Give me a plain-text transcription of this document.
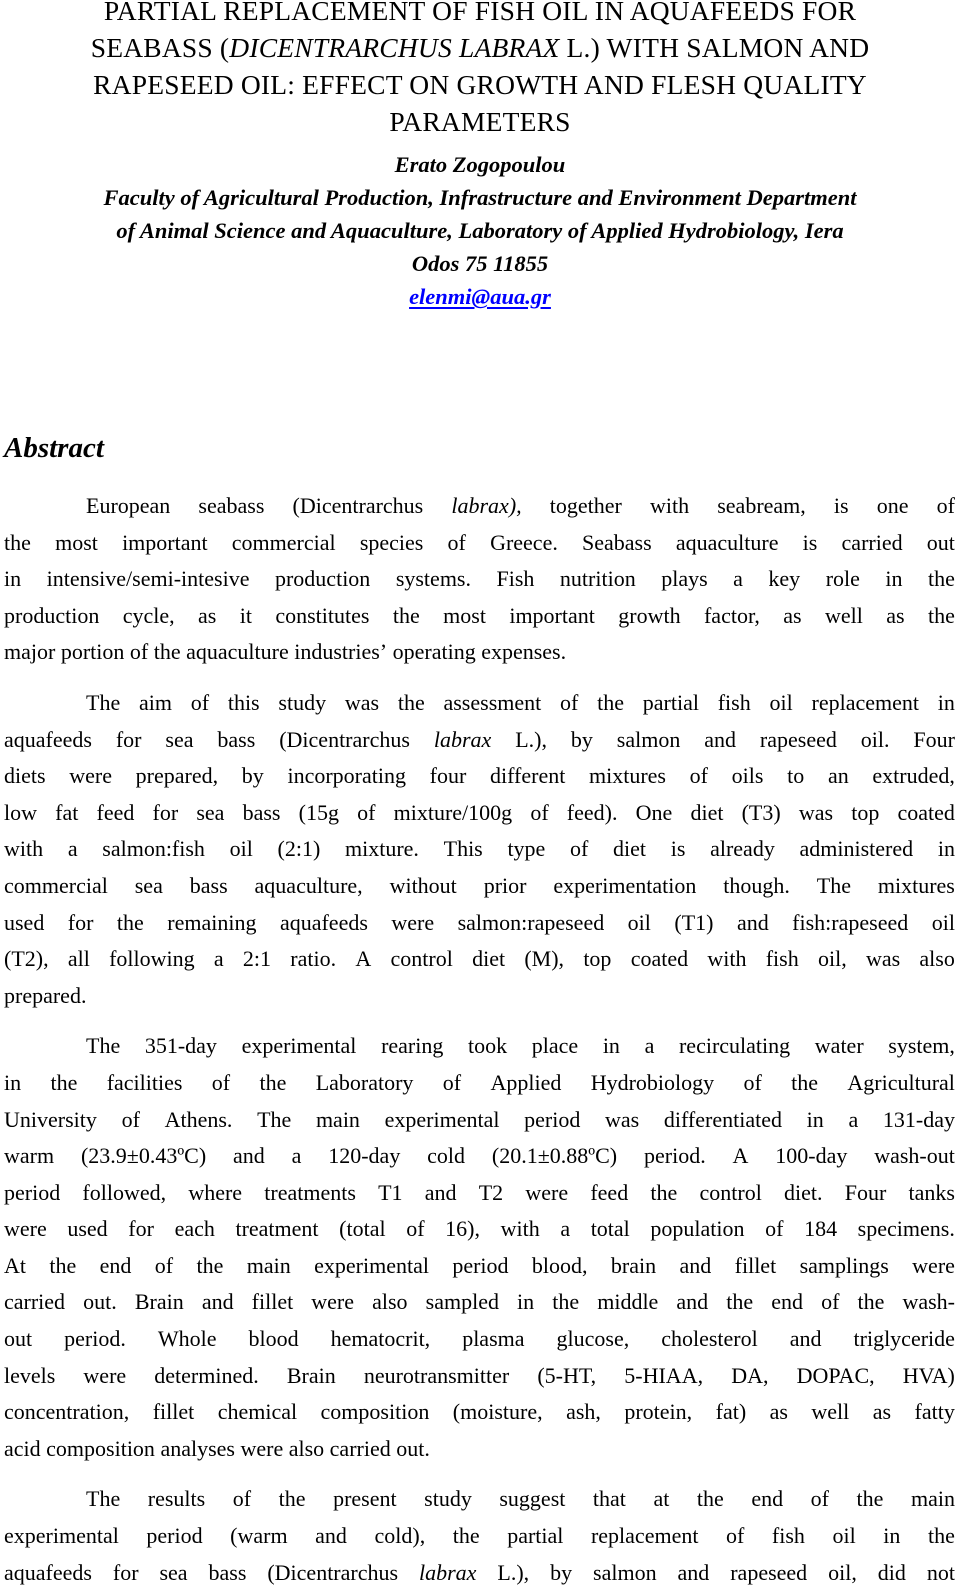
PARTIAL REPLACEMENT OF FISH OIL IN AQUAFEEDS FOR
SEABASS (DICENTRARCHUS LABRAX L.) WITH SALMON AND
RAPESEED OIL: EFFECT ON GROWTH AND FLESH QUALITY
PARAMETERS
Erato Zogopoulou
Faculty of Agricultural Production, Infrastructure and Environment Department
of Animal Science and Aquaculture, Laboratory of Applied Hydrobiology, Iera
Odos 75 11855
elenmi@aua.gr
Abstract
European seabass (Dicentrarchus labrax), together with seabream, is one of
the most important commercial species of Greece. Seabass aquaculture is carried out
in intensive/semi-intesive production systems. Fish nutrition plays a key role in the
production cycle, as it constitutes the most important growth factor, as well as the
major portion of the aquaculture industries’ operating expenses.
The aim of this study was the assessment of the partial fish oil replacement in
aquafeeds for sea bass (Dicentrarchus labrax L.), by salmon and rapeseed oil. Four
diets were prepared, by incorporating four different mixtures of oils to an extruded,
low fat feed for sea bass (15g of mixture/100g of feed). One diet (T3) was top coated
with a salmon:fish oil (2:1) mixture. This type of diet is already administered in
commercial sea bass aquaculture, without prior experimentation though. The mixtures
used for the remaining aquafeeds were salmon:rapeseed oil (T1) and fish:rapeseed oil
(T2), all following a 2:1 ratio. A control diet (M), top coated with fish oil, was also
prepared.
The 351-day experimental rearing took place in a recirculating water system,
in the facilities of the Laboratory of Applied Hydrobiology of the Agricultural
University of Athens. The main experimental period was differentiated in a 131-day
warm (23.9±0.43ºC) and a 120-day cold (20.1±0.88ºC) period. A 100-day wash-out
period followed, where treatments T1 and T2 were feed the control diet. Four tanks
were used for each treatment (total of 16), with a total population of 184 specimens.
At the end of the main experimental period blood, brain and fillet samplings were
carried out. Brain and fillet were also sampled in the middle and the end of the wash-
out period. Whole blood hematocrit, plasma glucose, cholesterol and triglyceride
levels were determined. Brain neurotransmitter (5-HT, 5-HIAA, DA, DOPAC, HVA)
concentration, fillet chemical composition (moisture, ash, protein, fat) as well as fatty
acid composition analyses were also carried out.
The results of the present study suggest that at the end of the main
experimental period (warm and cold), the partial replacement of fish oil in the
aquafeeds for sea bass (Dicentrarchus labrax L.), by salmon and rapeseed oil, did not
